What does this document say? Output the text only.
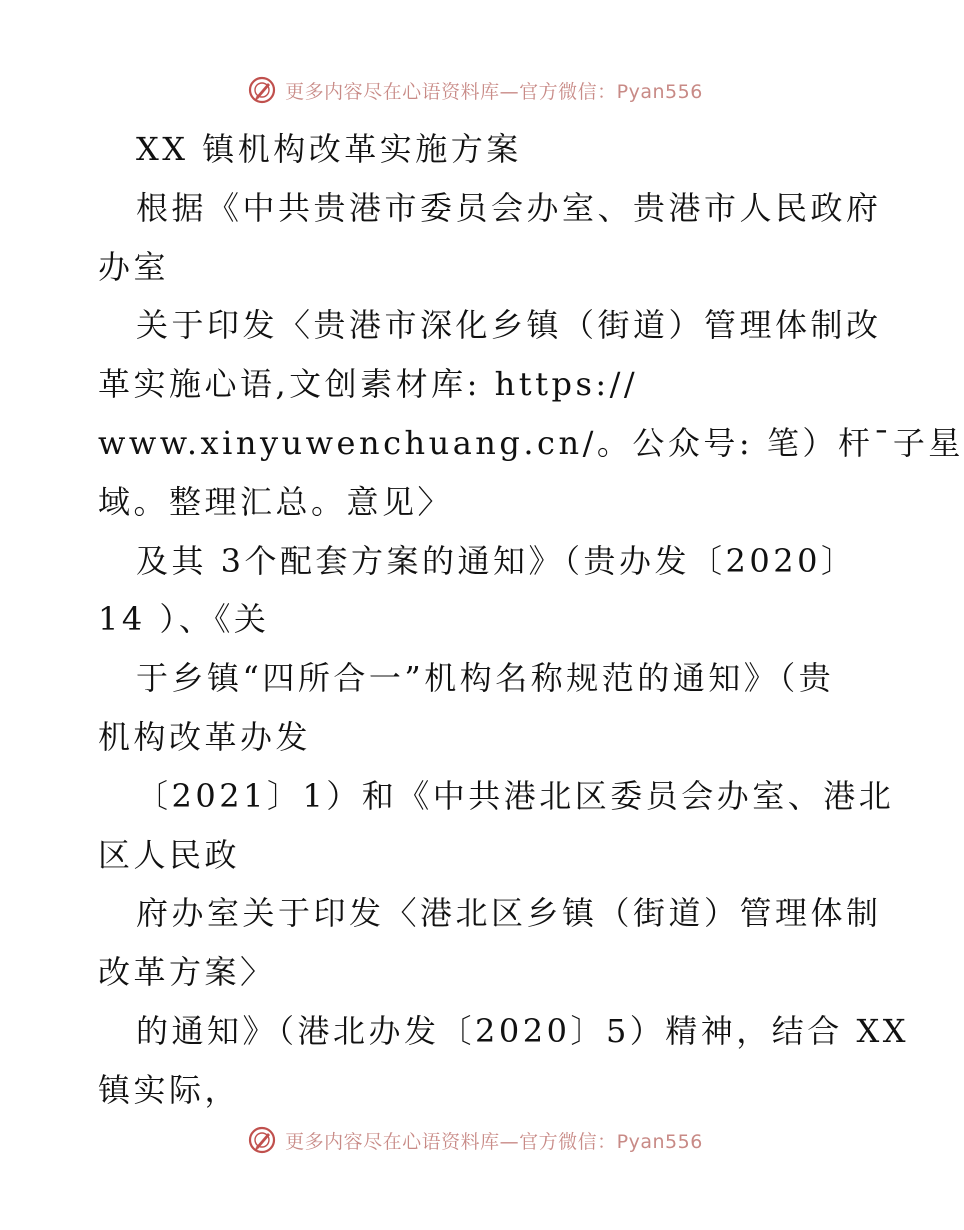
更多内容尽在心语资料库—官方微信：Pyan556
XX 镇机构改革实施方案
根据《中共贵港市委员会办室、贵港市人民政府
办室
关于印发〈贵港市深化乡镇（街道）管理体制改
革实施心语,文创素材库: https://
www.xinyuwenchuang.cn/。公众号: 笔）杆¯子星
域。整理汇总。意见〉
及其 3个配套方案的通知》（贵办发〔2020〕
14 ）、《关
于乡镇“四所合一”机构名称规范的通知》（贵
机构改革办发
〔2021〕1）和《中共港北区委员会办室、港北
区人民政
府办室关于印发〈港北区乡镇（街道）管理体制
改革方案〉
的通知》（港北办发〔2020〕5）精神，结合 XX
镇实际，
更多内容尽在心语资料库—官方微信：Pyan556
